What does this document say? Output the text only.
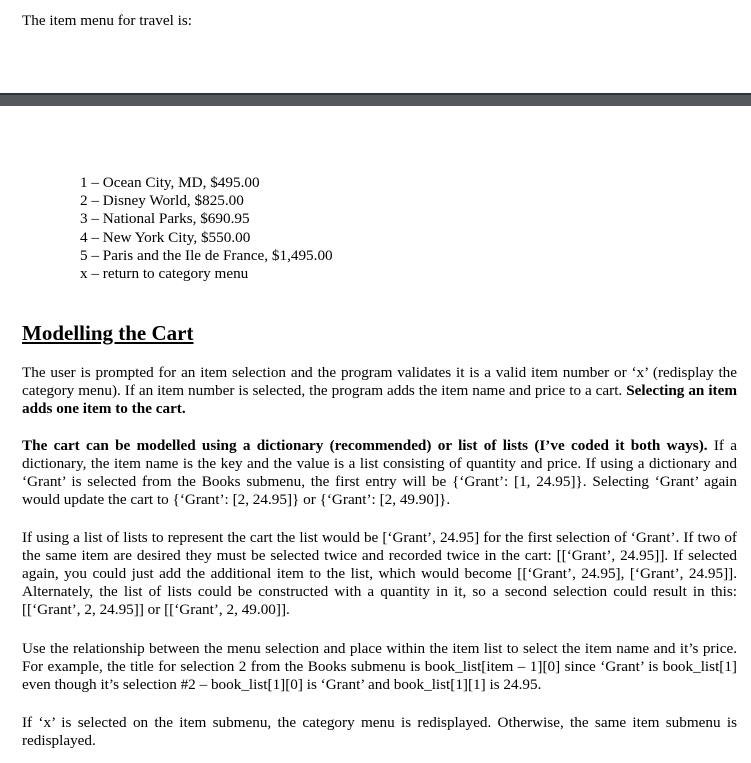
The item menu for travel is:

1 – Ocean City, MD, $495.00
2 – Disney World, $825.00
3 – National Parks, $690.95
4 – New York City, $550.00
5 – Paris and the Ile de France, $1,495.00
x – return to category menu
Modelling the Cart

The user is prompted for an item selection and the program validates it is a valid item number or ‘x’ (redisplay the category menu). If an item number is selected, the program adds the item name and price to a cart. Selecting an item adds one item to the cart.

The cart can be modelled using a dictionary (recommended) or list of lists (I’ve coded it both ways). If a dictionary, the item name is the key and the value is a list consisting of quantity and price. If using a dictionary and ‘Grant’ is selected from the Books submenu, the first entry will be {‘Grant’: [1, 24.95]}. Selecting ‘Grant’ again would update the cart to {‘Grant’: [2, 24.95]} or {‘Grant’: [2, 49.90]}.

If using a list of lists to represent the cart the list would be [‘Grant’, 24.95] for the first selection of ‘Grant’. If two of the same item are desired they must be selected twice and recorded twice in the cart: [[‘Grant’, 24.95]]. If selected again, you could just add the additional item to the list, which would become [[‘Grant’, 24.95], [‘Grant’, 24.95]]. Alternately, the list of lists could be constructed with a quantity in it, so a second selection could result in this: [[‘Grant’, 2, 24.95]] or [[‘Grant’, 2, 49.00]].

Use the relationship between the menu selection and place within the item list to select the item name and it’s price. For example, the title for selection 2 from the Books submenu is book_list[item – 1][0] since ‘Grant’ is book_list[1] even though it’s selection #2 – book_list[1][0] is ‘Grant’ and book_list[1][1] is 24.95.

If ‘x’ is selected on the item submenu, the category menu is redisplayed. Otherwise, the same item submenu is redisplayed.
